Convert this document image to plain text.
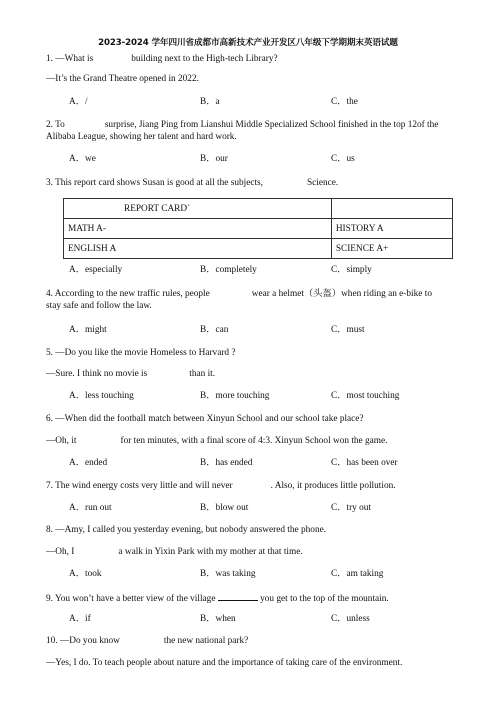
2023-2024 学年四川省成都市高新技术产业开发区八年级下学期期末英语试题
1. —What is	building next to the High-tech Library?
—It’s the Grand Theatre opened in 2022.
A．/	B．a	C．the
2. To	surprise, Jiang Ping from Lianshui Middle Specialized School finished in the top 12of the Alibaba League, showing her talent and hard work.
A．we	B．our	C．us
3. This report card shows Susan is good at all the subjects,	Science.
REPORT CARD`	
MATH A-	HISTORY A
ENGLISH A	SCIENCE A+
A．especially	B．completely	C．simply
4. According to the new traffic rules, people	wear a helmet（头盔）when riding an e-bike to stay safe and follow the law.
A．might	B．can	C．must
5. —Do you like the movie Homeless to Harvard ?
—Sure. I think no movie is	than it.
A．less touching	B．more touching	C．most touching
6. —When did the football match between Xinyun School and our school take place?
—Oh, it	for ten minutes, with a final score of 4:3. Xinyun School won the game.
A．ended	B．has ended	C．has been over
7. The wind energy costs very little and will never	. Also, it produces little pollution.
A．run out	B．blow out	C．try out
8. —Amy, I called you yesterday evening, but nobody answered the phone.
—Oh, I	a walk in Yixin Park with my mother at that time.
A．took	B．was taking	C．am taking
9. You won’t have a better view of the village	you get to the top of the mountain.
A．if	B．when	C．unless
10. —Do you know	the new national park?
—Yes, I do. To teach people about nature and the importance of taking care of the environment.
